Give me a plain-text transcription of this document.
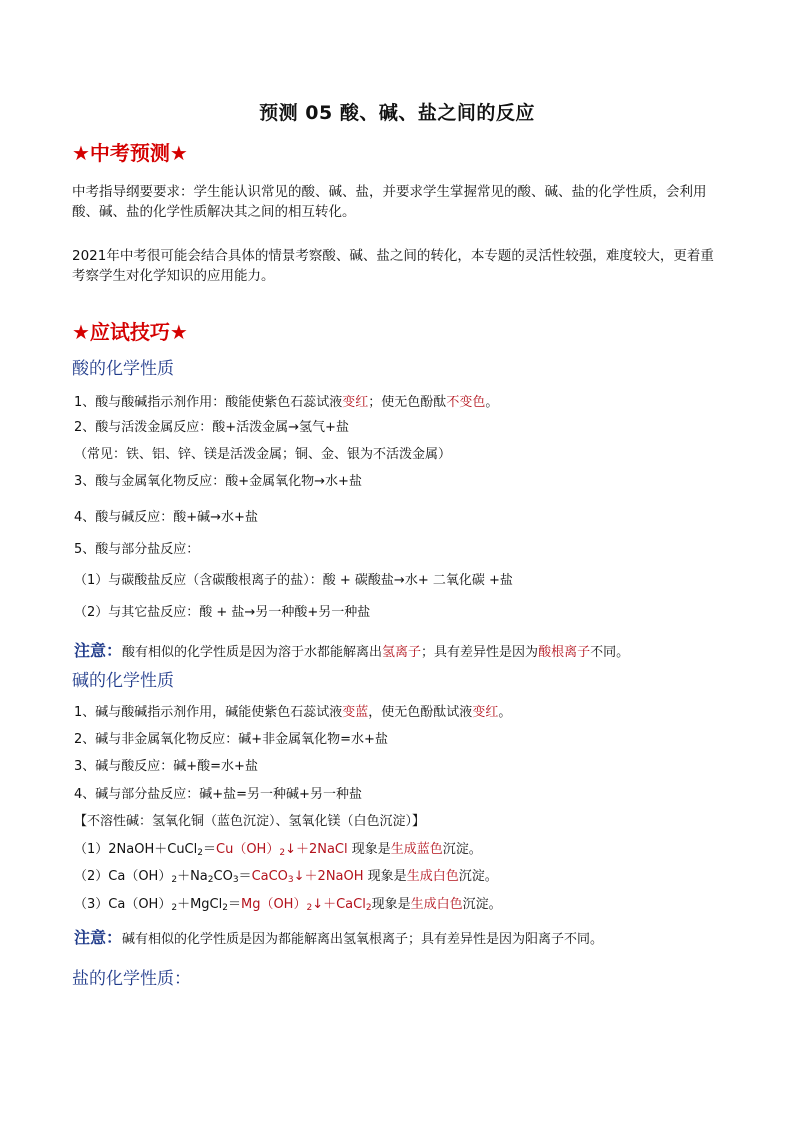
预测 05 酸、碱、盐之间的反应
★中考预测★
中考指导纲要要求：学生能认识常见的酸、碱、盐，并要求学生掌握常见的酸、碱、盐的化学性质，会利用酸、碱、盐的化学性质解决其之间的相互转化。
2021年中考很可能会结合具体的情景考察酸、碱、盐之间的转化，本专题的灵活性较强，难度较大，更着重考察学生对化学知识的应用能力。
★应试技巧★
酸的化学性质
1、酸与酸碱指示剂作用：酸能使紫色石蕊试液变红；使无色酚酞不变色。
2、酸与活泼金属反应：酸+活泼金属→氢气+盐
（常见：铁、铝、锌、镁是活泼金属；铜、金、银为不活泼金属）
3、酸与金属氧化物反应：酸+金属氧化物→水+盐
4、酸与碱反应：酸+碱→水+盐
5、酸与部分盐反应：
（1）与碳酸盐反应（含碳酸根离子的盐）：酸 + 碳酸盐→水+ 二氧化碳 +盐
（2）与其它盐反应：酸 + 盐→另一种酸+另一种盐
注意：酸有相似的化学性质是因为溶于水都能解离出氢离子；具有差异性是因为酸根离子不同。
碱的化学性质
1、碱与酸碱指示剂作用，碱能使紫色石蕊试液变蓝，使无色酚酞试液变红。
2、碱与非金属氧化物反应：碱+非金属氧化物=水+盐
3、碱与酸反应：碱+酸=水+盐
4、碱与部分盐反应：碱+盐=另一种碱+另一种盐
【不溶性碱：氢氧化铜（蓝色沉淀）、氢氧化镁（白色沉淀）】
$(1)2NaOH+CuCl_2=Cu(OH)_2↓+2NaCl$ 现象是生成蓝色沉淀。
$(2)Ca(OH)_2+Na_2CO_3=CaCO_3↓+2NaOH$ 现象是生成白色沉淀。
$(3)Ca(OH)_2+MgCl_2=Mg(OH)_2↓+CaCl_2$现象是生成白色沉淀。
注意：碱有相似的化学性质是因为都能解离出氢氧根离子；具有差异性是因为阳离子不同。
盐的化学性质：
